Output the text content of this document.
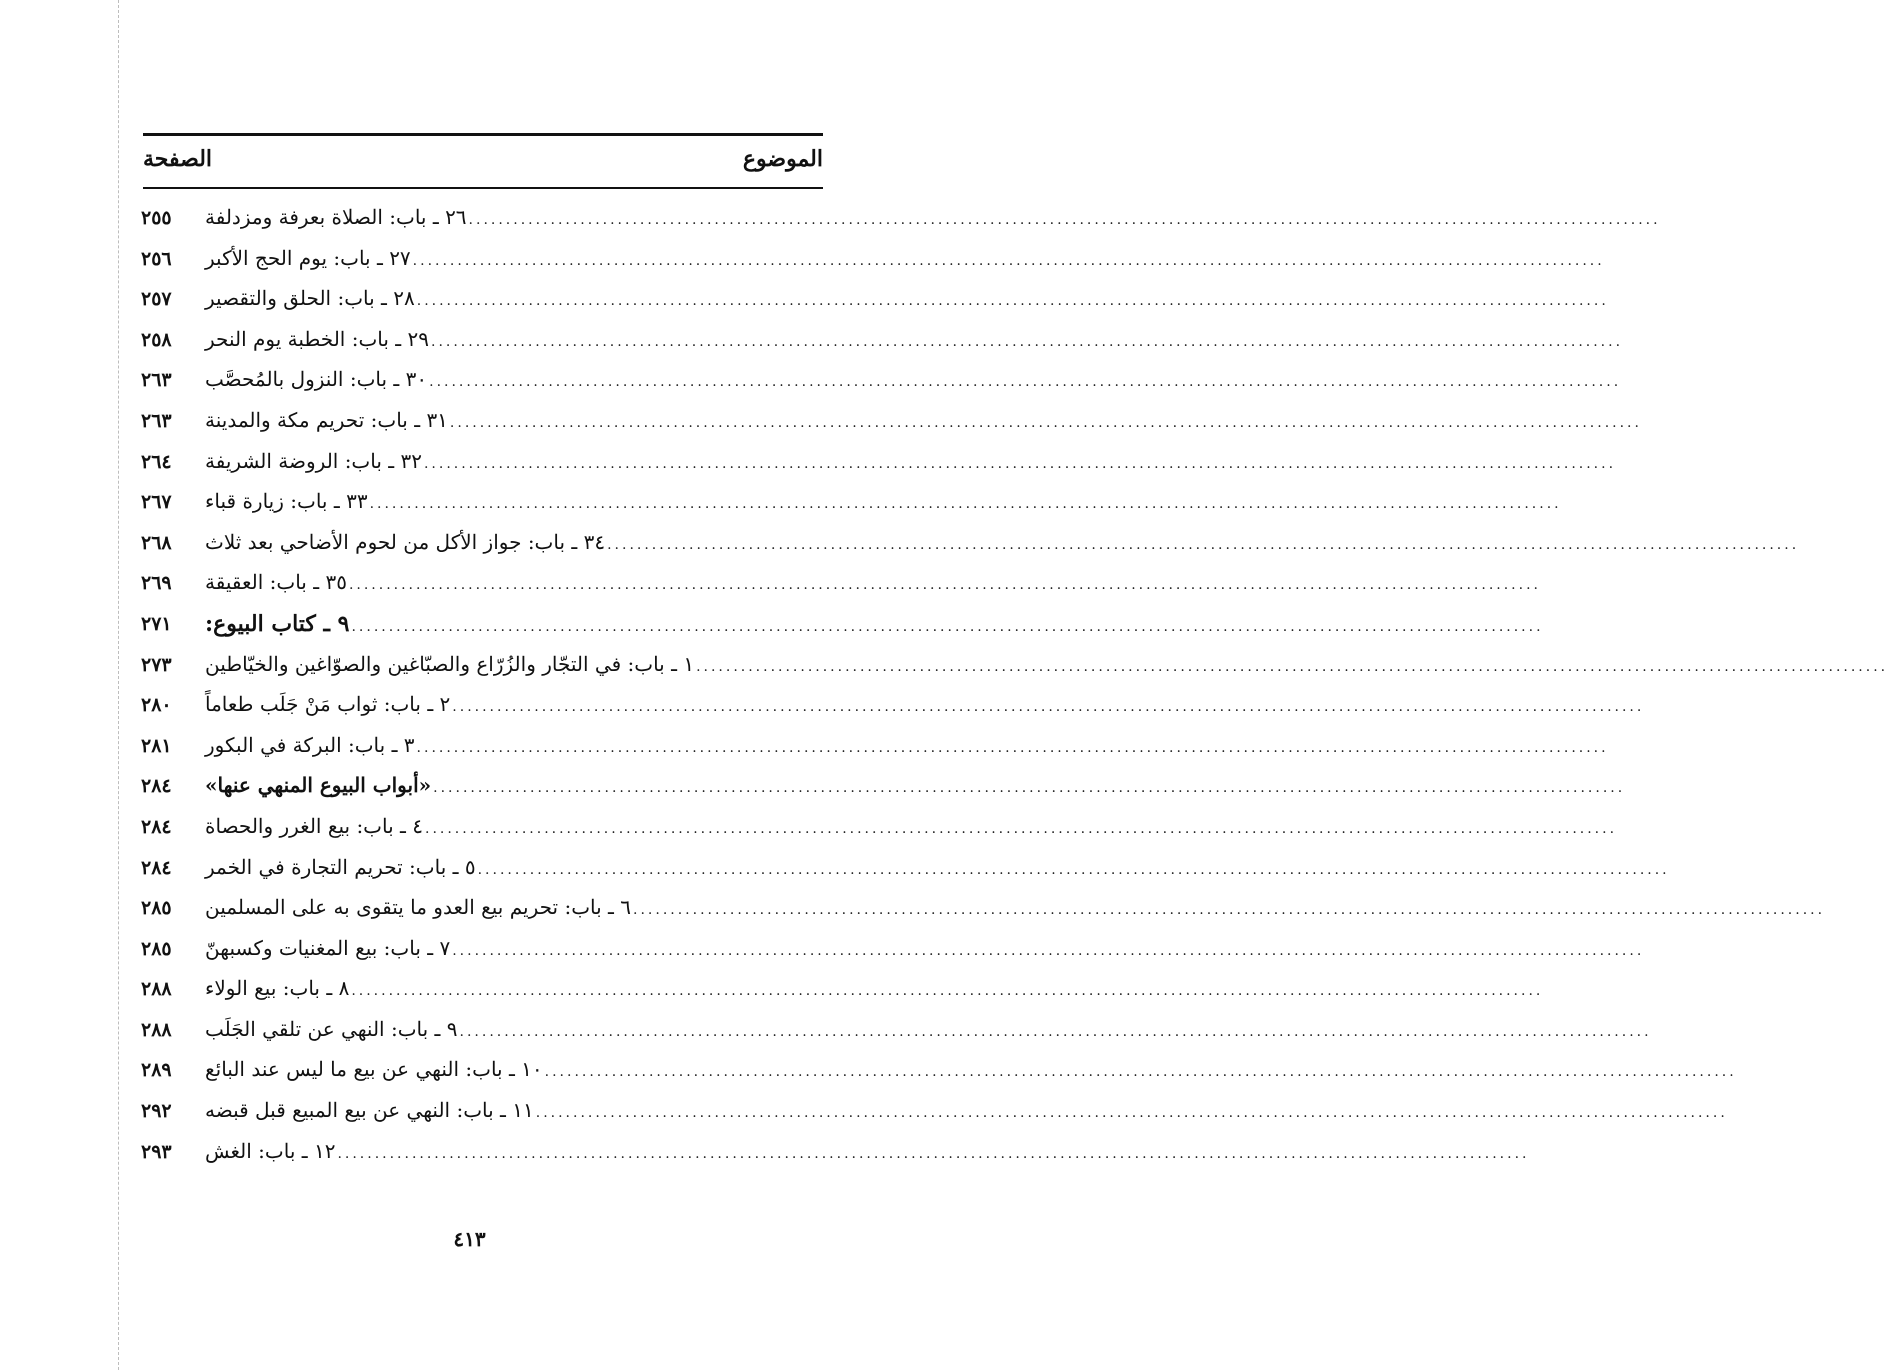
الموضوع
الصفحة
٢٦ ـ باب: الصلاة بعرفة ومزدلفة ................................................................................................................................................................
٢٥٥
٢٧ ـ باب: يوم الحج الأكبر ................................................................................................................................................................
٢٥٦
٢٨ ـ باب: الحلق والتقصير ................................................................................................................................................................
٢٥٧
٢٩ ـ باب: الخطبة يوم النحر ................................................................................................................................................................
٢٥٨
٣٠ ـ باب: النزول بالمُحصَّب ................................................................................................................................................................
٢٦٣
٣١ ـ باب: تحريم مكة والمدينة ................................................................................................................................................................
٢٦٣
٣٢ ـ باب: الروضة الشريفة ................................................................................................................................................................
٢٦٤
٣٣ ـ باب: زيارة قباء ................................................................................................................................................................
٢٦٧
٣٤ ـ باب: جواز الأكل من لحوم الأضاحي بعد ثلاث ................................................................................................................................................................
٢٦٨
٣٥ ـ باب: العقيقة ................................................................................................................................................................
٢٦٩
٩ ـ كتاب البيوع: ................................................................................................................................................................
٢٧١
١ ـ باب: في التجّار والزُرّاع والصبّاغين والصوّاغين والخيّاطين ................................................................................................................................................................
٢٧٣
٢ ـ باب: ثواب مَنْ جَلَب طعاماً ................................................................................................................................................................
٢٨٠
٣ ـ باب: البركة في البكور ................................................................................................................................................................
٢٨١
«أبواب البيوع المنهي عنها» ................................................................................................................................................................
٢٨٤
٤ ـ باب: بيع الغرر والحصاة ................................................................................................................................................................
٢٨٤
٥ ـ باب: تحريم التجارة في الخمر ................................................................................................................................................................
٢٨٤
٦ ـ باب: تحريم بيع العدو ما يتقوى به على المسلمين ................................................................................................................................................................
٢٨٥
٧ ـ باب: بيع المغنيات وكسبهنّ ................................................................................................................................................................
٢٨٥
٨ ـ باب: بيع الولاء ................................................................................................................................................................
٢٨٨
٩ ـ باب: النهي عن تلقي الجَلَب ................................................................................................................................................................
٢٨٨
١٠ ـ باب: النهي عن بيع ما ليس عند البائع ................................................................................................................................................................
٢٨٩
١١ ـ باب: النهي عن بيع المبيع قبل قبضه ................................................................................................................................................................
٢٩٢
١٢ ـ باب: الغش ................................................................................................................................................................
٢٩٣
٤١٣
